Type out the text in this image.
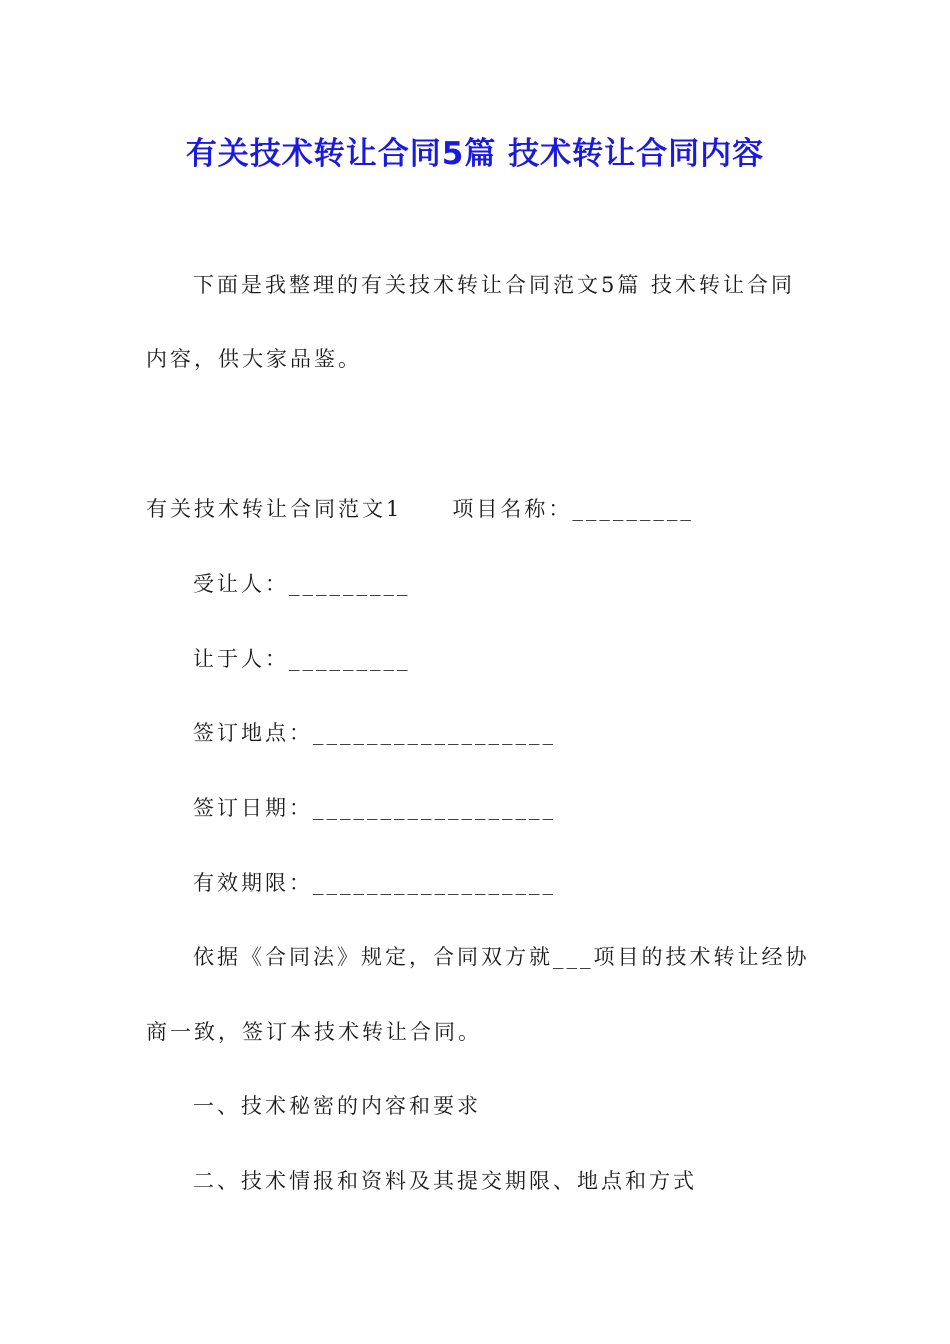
有关技术转让合同5篇 技术转让合同内容
下面是我整理的有关技术转让合同范文5篇 技术转让合同
内容，供大家品鉴。
有关技术转让合同范文1 项目名称：_________
受让人：_________
让于人：_________
签订地点：__________________
签订日期：__________________
有效期限：__________________
依据《合同法》规定，合同双方就___项目的技术转让经协
商一致，签订本技术转让合同。
一、技术秘密的内容和要求
二、技术情报和资料及其提交期限、地点和方式
